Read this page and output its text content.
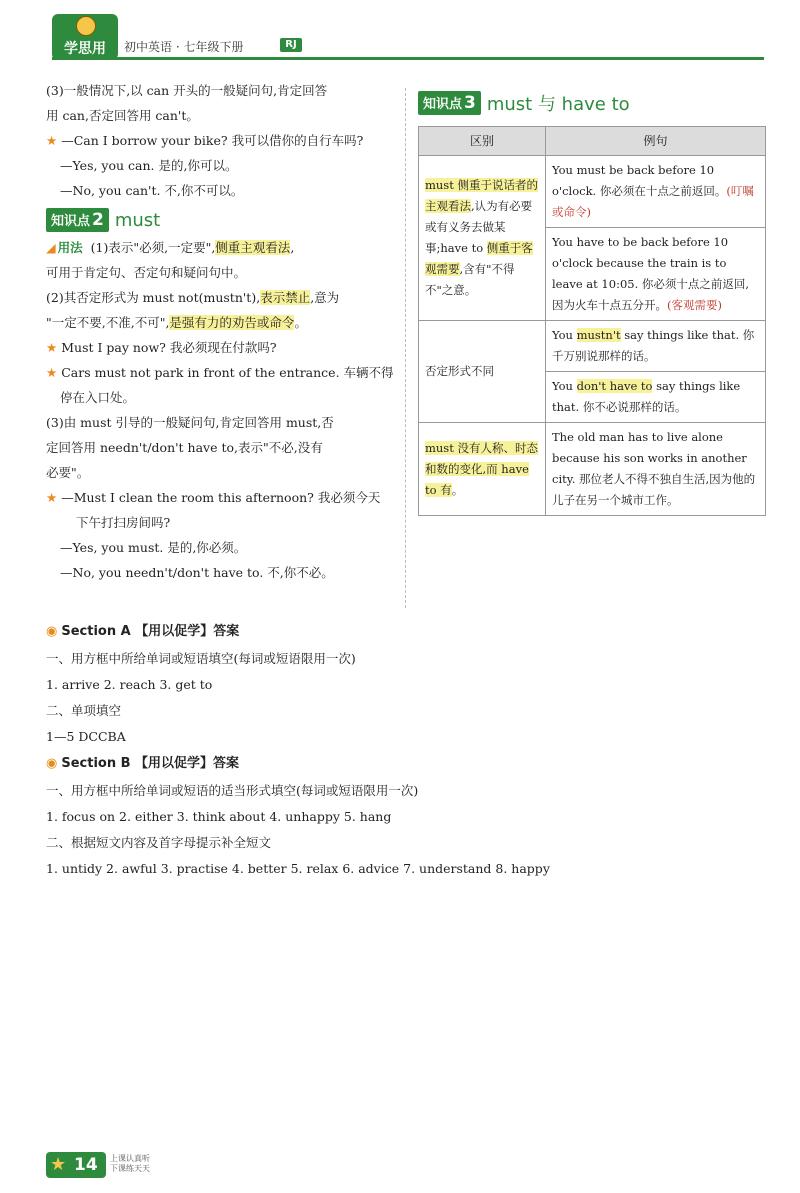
学思用	初中英语 · 七年级下册	RJ

(3)一般情况下,以 can 开头的一般疑问句,肯定回答

用 can,否定回答用 can't。

★ —Can I borrow your bike? 我可以借你的自行车吗?

—Yes, you can. 是的,你可以。

—No, you can't. 不,你不可以。

知识点 2 must

◢ 用法 (1)表示"必须,一定要",侧重主观看法,

可用于肯定句、否定句和疑问句中。

(2)其否定形式为 must not(mustn't),表示禁止,意为

"一定不要,不准,不可",是强有力的劝告或命令。

★ Must I pay now? 我必须现在付款吗?

★ Cars must not park in front of the entrance. 车辆不得

停在入口处。

(3)由 must 引导的一般疑问句,肯定回答用 must,否

定回答用 needn't/don't have to,表示"不必,没有

必要"。

★ —Must I clean the room this afternoon? 我必须今天

下午打扫房间吗?

—Yes, you must. 是的,你必须。

—No, you needn't/don't have to. 不,你不必。

知识点 3 must 与 have to
区别	例句
must 侧重于说话者的主观看法,认为有必要或有义务去做某事;have to 侧重于客观需要,含有"不得不"之意。	You must be back before 10 o'clock. 你必须在十点之前返回。(叮嘱或命令)
	You have to be back before 10 o'clock because the train is to leave at 10:05. 你必须十点之前返回,因为火车十点五分开。(客观需要)
否定形式不同	You mustn't say things like that. 你千万别说那样的话。
	You don't have to say things like that. 你不必说那样的话。
must 没有人称、时态和数的变化,而 have to 有。	The old man has to live alone because his son works in another city. 那位老人不得不独自生活,因为他的儿子在另一个城市工作。
◉ Section A 【用以促学】答案

一、用方框中所给单词或短语填空(每词或短语限用一次)

1. arrive 2. reach 3. get to

二、单项填空

1—5 DCCBA

◉ Section B 【用以促学】答案

一、用方框中所给单词或短语的适当形式填空(每词或短语限用一次)

1. focus on 2. either 3. think about 4. unhappy 5. hang

二、根据短文内容及首字母提示补全短文

1. untidy 2. awful 3. practise 4. better 5. relax 6. advice 7. understand 8. happy

★ 14 上课认真听
下课练天天
